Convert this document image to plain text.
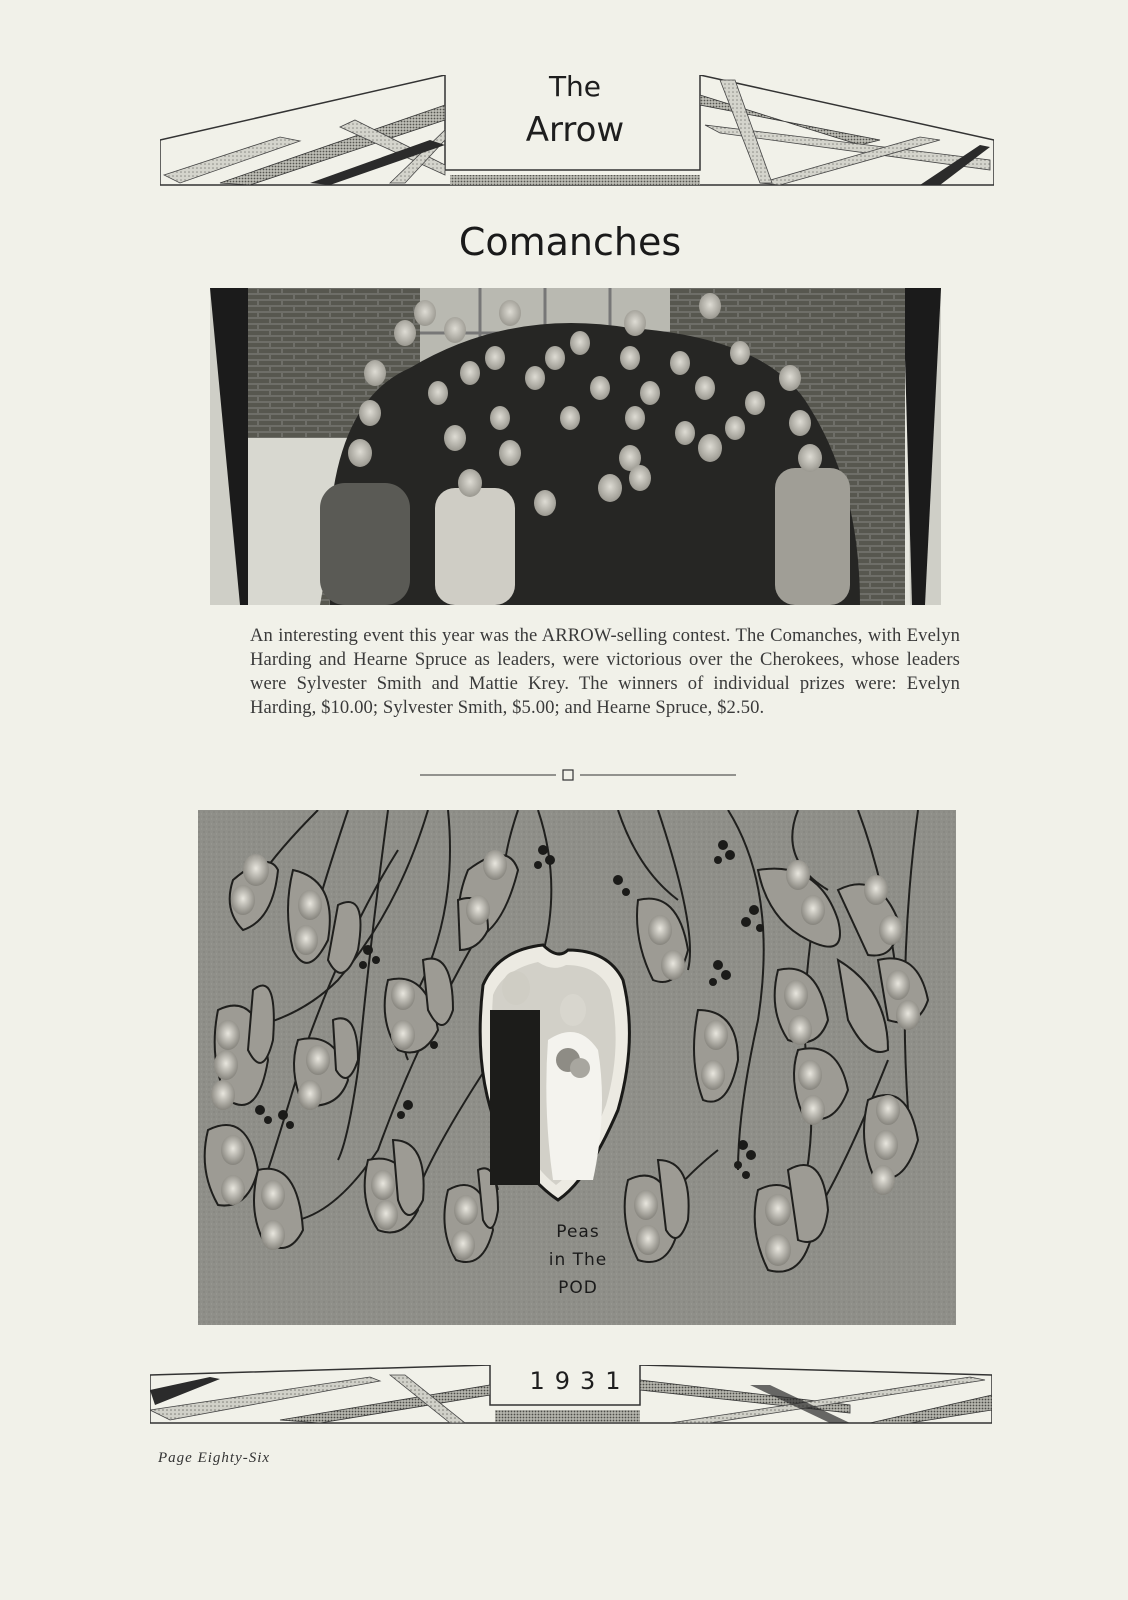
The
Arrow
Comanches
An interesting event this year was the ARROW-selling contest. The Comanches, with Evelyn Harding and Hearne Spruce as leaders, were victorious over the Cherokees, whose leaders were Sylvester Smith and Mattie Krey. The winners of individual prizes were: Evelyn Harding, $10.00; Sylvester Smith, $5.00; and Hearne Spruce, $2.50.
Peas
in The
POD
1931
Page Eighty-Six
